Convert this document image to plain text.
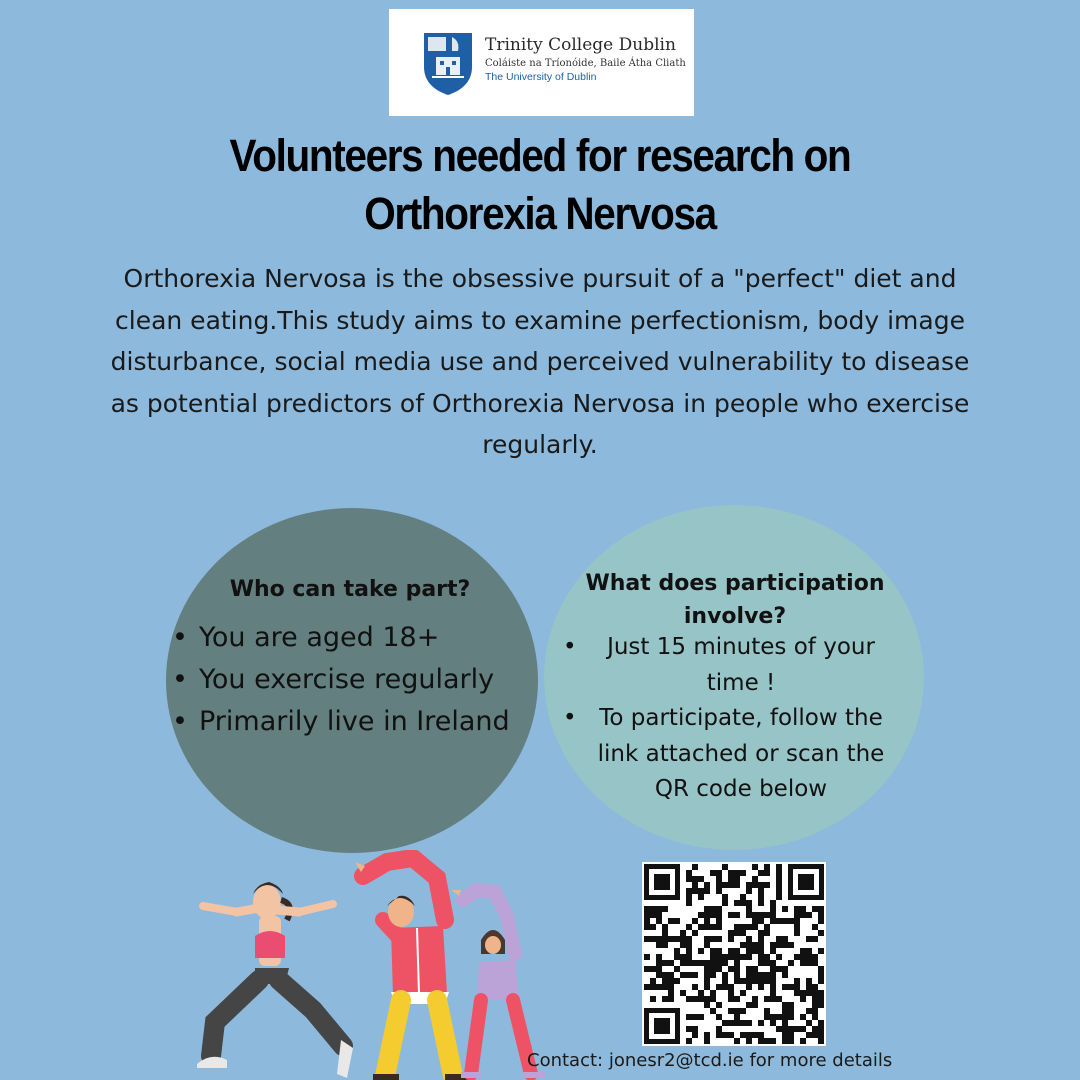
Trinity College Dublin
Coláiste na Tríonóide, Baile Átha Cliath
The University of Dublin
Volunteers needed for research on
Orthorexia Nervosa
Orthorexia Nervosa is the obsessive pursuit of a "perfect" diet and clean eating.This study aims to examine perfectionism, body image disturbance, social media use and perceived vulnerability to disease as potential predictors of Orthorexia Nervosa in people who exercise regularly.
Who can take part?
• You are aged 18+
• You exercise regularly
• Primarily live in Ireland
What does participation involve?
• Just 15 minutes of your time !
• To participate, follow the link attached or scan the QR code below
Contact: jonesr2@tcd.ie for more details
